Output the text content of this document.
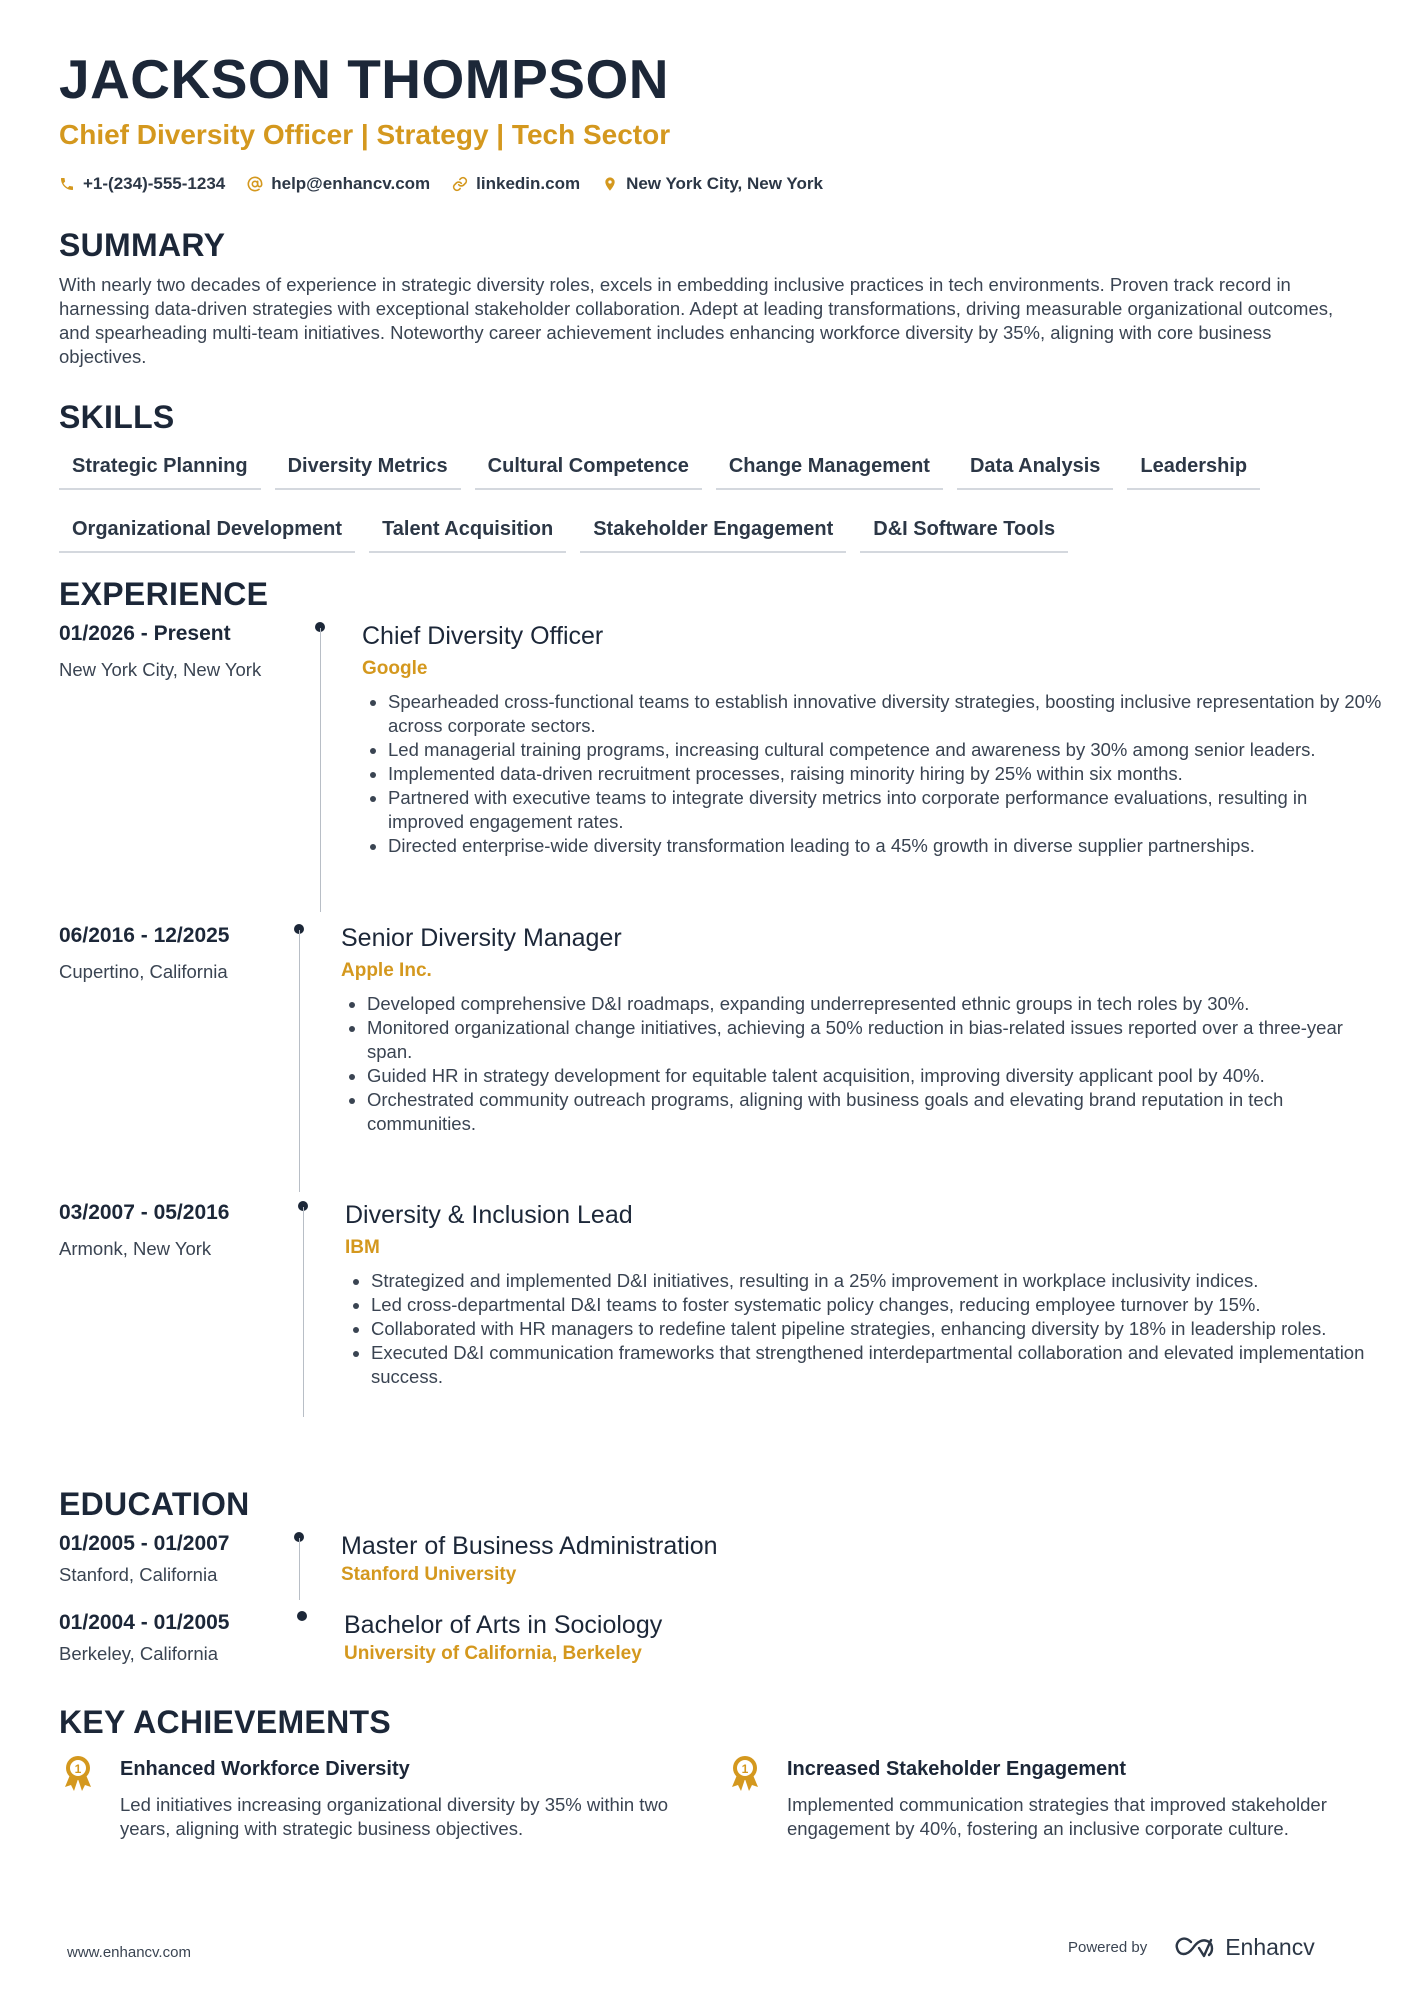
JACKSON THOMPSON
Chief Diversity Officer | Strategy | Tech Sector
+1-(234)-555-1234	help@enhancv.com	linkedin.com	New York City, New York
SUMMARY
With nearly two decades of experience in strategic diversity roles, excels in embedding inclusive practices in tech environments. Proven track record in harnessing data-driven strategies with exceptional stakeholder collaboration. Adept at leading transformations, driving measurable organizational outcomes, and spearheading multi-team initiatives. Noteworthy career achievement includes enhancing workforce diversity by 35%, aligning with core business objectives.
SKILLS
Strategic Planning	Diversity Metrics	Cultural Competence	Change Management	Data Analysis	Leadership
Organizational Development	Talent Acquisition	Stakeholder Engagement	D&I Software Tools
EXPERIENCE
01/2026 - Present
New York City, New York
Chief Diversity Officer
Google
• Spearheaded cross-functional teams to establish innovative diversity strategies, boosting inclusive representation by 20% across corporate sectors.
• Led managerial training programs, increasing cultural competence and awareness by 30% among senior leaders.
• Implemented data-driven recruitment processes, raising minority hiring by 25% within six months.
• Partnered with executive teams to integrate diversity metrics into corporate performance evaluations, resulting in improved engagement rates.
• Directed enterprise-wide diversity transformation leading to a 45% growth in diverse supplier partnerships.
06/2016 - 12/2025
Cupertino, California
Senior Diversity Manager
Apple Inc.
• Developed comprehensive D&I roadmaps, expanding underrepresented ethnic groups in tech roles by 30%.
• Monitored organizational change initiatives, achieving a 50% reduction in bias-related issues reported over a three-year span.
• Guided HR in strategy development for equitable talent acquisition, improving diversity applicant pool by 40%.
• Orchestrated community outreach programs, aligning with business goals and elevating brand reputation in tech communities.
03/2007 - 05/2016
Armonk, New York
Diversity & Inclusion Lead
IBM
• Strategized and implemented D&I initiatives, resulting in a 25% improvement in workplace inclusivity indices.
• Led cross-departmental D&I teams to foster systematic policy changes, reducing employee turnover by 15%.
• Collaborated with HR managers to redefine talent pipeline strategies, enhancing diversity by 18% in leadership roles.
• Executed D&I communication frameworks that strengthened interdepartmental collaboration and elevated implementation success.
EDUCATION
01/2005 - 01/2007
Stanford, California
Master of Business Administration
Stanford University
01/2004 - 01/2005
Berkeley, California
Bachelor of Arts in Sociology
University of California, Berkeley
KEY ACHIEVEMENTS
1 Enhanced Workforce Diversity
Led initiatives increasing organizational diversity by 35% within two years, aligning with strategic business objectives.
1 Increased Stakeholder Engagement
Implemented communication strategies that improved stakeholder engagement by 40%, fostering an inclusive corporate culture.
www.enhancv.com	Powered by	Enhancv
